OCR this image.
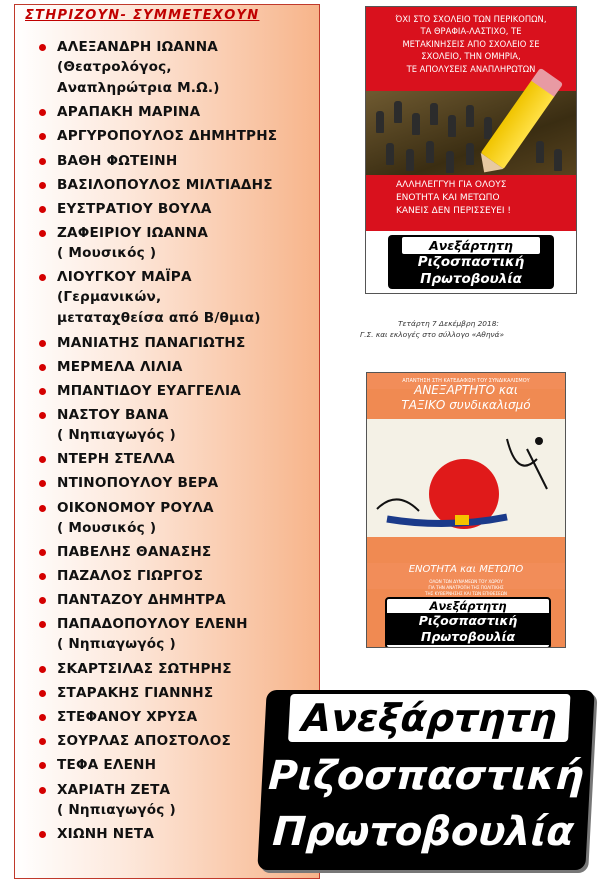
ΣΤΗΡΙΖΟΥΝ- ΣΥΜΜΕΤΕΧΟΥΝ
ΑΛΕΞΑΝΔΡΗ ΙΩΑΝΝΑ
(Θεατρολόγος,
Αναπληρώτρια Μ.Ω.)
ΑΡΑΠΑΚΗ ΜΑΡΙΝΑ
ΑΡΓΥΡΟΠΟΥΛΟΣ ΔΗΜΗΤΡΗΣ
ΒΑΘΗ ΦΩΤΕΙΝΗ
ΒΑΣΙΛΟΠΟΥΛΟΣ ΜΙΛΤΙΑΔΗΣ
ΕΥΣΤΡΑΤΙΟΥ ΒΟΥΛΑ
ΖΑΦΕΙΡΙΟΥ ΙΩΑΝΝΑ
( Μουσικός )
ΛΙΟΥΓΚΟΥ ΜΑΪΡΑ
(Γερμανικών,
μεταταχθείσα από Β/θμια)
ΜΑΝΙΑΤΗΣ ΠΑΝΑΓΙΩΤΗΣ
ΜΕΡΜΕΛΑ ΛΙΛΙΑ
ΜΠΑΝΤΙΔΟΥ ΕΥΑΓΓΕΛΙΑ
ΝΑΣΤΟΥ ΒΑΝΑ
( Νηπιαγωγός )
ΝΤΕΡΗ ΣΤΕΛΛΑ
ΝΤΙΝΟΠΟΥΛΟΥ ΒΕΡΑ
ΟΙΚΟΝΟΜΟΥ ΡΟΥΛΑ
( Μουσικός )
ΠΑΒΕΛΗΣ ΘΑΝΑΣΗΣ
ΠΑΖΑΛΟΣ ΓΙΩΡΓΟΣ
ΠΑΝΤΑΖΟΥ ΔΗΜΗΤΡΑ
ΠΑΠΑΔΟΠΟΥΛΟΥ ΕΛΕΝΗ
( Νηπιαγωγός )
ΣΚΑΡΤΣΙΛΑΣ ΣΩΤΗΡΗΣ
ΣΤΑΡΑΚΗΣ ΓΙΑΝΝΗΣ
ΣΤΕΦΑΝΟΥ ΧΡΥΣΑ
ΣΟΥΡΛΑΣ ΑΠΟΣΤΟΛΟΣ
ΤΕΦΑ ΕΛΕΝΗ
ΧΑΡΙΑΤΗ ΖΕΤΑ
( Νηπιαγωγός )
ΧΙΩΝΗ ΝΕΤΑ
ΌΧΙ ΣΤΟ ΣΧΟΛΕΙΟ ΤΩΝ ΠΕΡΙΚΟΠΩΝ,
ΤΑ ΘΡΑΦΙΑ-ΛΑΣΤΙΧΟ, ΤΕ
ΜΕΤΑΚΙΝΗΣΕΙΣ ΑΠΟ ΣΧΟΛΕΙΟ ΣΕ
ΣΧΟΛΕΙΟ, ΤΗΝ ΟΜΗΡΙΑ,
ΤΕ ΑΠΟΛΥΣΕΙΣ ΑΝΑΠΛΗΡΩΤΩΝ
ΑΛΛΗΛΕΓΓΥΗ ΓΙΑ ΟΛΟΥΣ
ΕΝΟΤΗΤΑ ΚΑΙ ΜΕΤΩΠΟ
ΚΑΝΕΙΣ ΔΕΝ ΠΕΡΙΣΣΕΥΕΙ !
Ανεξάρτητη
Ριζοσπαστική
Πρωτοβουλία
Τετάρτη 7 Δεκέμβρη 2018:
Γ.Σ. και εκλογές στο σύλλογο «Αθηνά»
ΑΠΑΝΤΗΣΗ ΣΤΗ ΚΑΤΕΔΑΦΙΣΗ ΤΟΥ ΣΥΝΔΙΚΑΛΙΣΜΟΥ
ΑΝΕΞΑΡΤΗΤΟ και
ΤΑΞΙΚΟ συνδικαλισμό
ΕΝΟΤΗΤΑ και ΜΕΤΩΠΟ
ΟΛΩΝ ΤΩΝ ΔΥΝΑΜΕΩΝ ΤΟΥ ΧΩΡΟΥ
ΓΙΑ ΤΗΝ ΑΝΑΤΡΟΠΗ ΤΗΣ ΠΟΛΙΤΙΚΗΣ
ΤΗΣ ΚΥΒΕΡΝΗΣΗΣ ΚΑΙ ΤΩΝ ΕΠΙΘΕΣΕΩΝ
Ανεξάρτητη
Ριζοσπαστική
Πρωτοβουλία
Ανεξάρτητη
Ριζοσπαστική
Πρωτοβουλία
